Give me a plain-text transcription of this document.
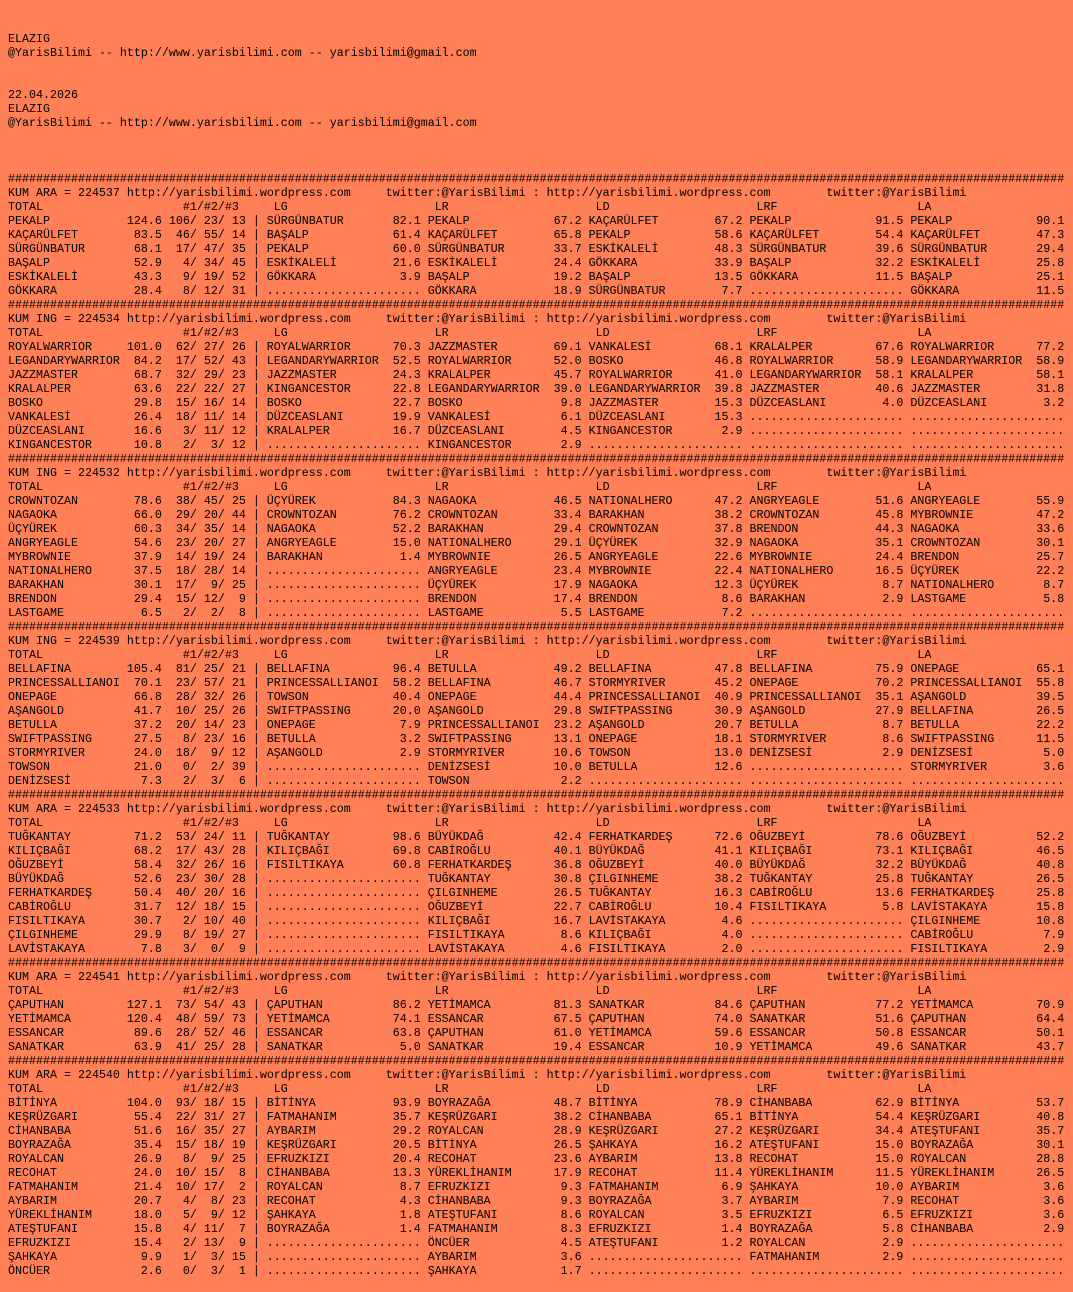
ELAZIG
@YarisBilimi -- http://www.yarisbilimi.com -- yarisbilimi@gmail.com

22.04.2026
ELAZIG
@YarisBilimi -- http://www.yarisbilimi.com -- yarisbilimi@gmail.com

#######################################################################################################################################################
KUM ARA = 224537 http://yarisbilimi.wordpress.com     twitter:@YarisBilimi : http://yarisbilimi.wordpress.com        twitter:@YarisBilimi
TOTAL                    #1/#2/#3     LG                     LR                     LD                     LRF                    LA
PEKALP           124.6 106/ 23/ 13 | SÜRGÜNBATUR       82.1 PEKALP            67.2 KAÇARÜLFET        67.2 PEKALP            91.5 PEKALP            90.1
KAÇARÜLFET        83.5  46/ 55/ 14 | BAŞALP            61.4 KAÇARÜLFET        65.8 PEKALP            58.6 KAÇARÜLFET        54.4 KAÇARÜLFET        47.3
SÜRGÜNBATUR       68.1  17/ 47/ 35 | PEKALP            60.0 SÜRGÜNBATUR       33.7 ESKİKALELİ        48.3 SÜRGÜNBATUR       39.6 SÜRGÜNBATUR       29.4
BAŞALP            52.9   4/ 34/ 45 | ESKİKALELİ        21.6 ESKİKALELİ        24.4 GÖKKARA           33.9 BAŞALP            32.2 ESKİKALELİ        25.8
ESKİKALELİ        43.3   9/ 19/ 52 | GÖKKARA            3.9 BAŞALP            19.2 BAŞALP            13.5 GÖKKARA           11.5 BAŞALP            25.1
GÖKKARA           28.4   8/ 12/ 31 | ...................... GÖKKARA           18.9 SÜRGÜNBATUR        7.7 ...................... GÖKKARA           11.5
#######################################################################################################################################################
KUM ING = 224534 http://yarisbilimi.wordpress.com     twitter:@YarisBilimi : http://yarisbilimi.wordpress.com        twitter:@YarisBilimi
TOTAL                    #1/#2/#3     LG                     LR                     LD                     LRF                    LA
ROYALWARRIOR     101.0  62/ 27/ 26 | ROYALWARRIOR      70.3 JAZZMASTER        69.1 VANKALESİ         68.1 KRALALPER         67.6 ROYALWARRIOR      77.2
LEGANDARYWARRIOR  84.2  17/ 52/ 43 | LEGANDARYWARRIOR  52.5 ROYALWARRIOR      52.0 BOSKO             46.8 ROYALWARRIOR      58.9 LEGANDARYWARRIOR  58.9
JAZZMASTER        68.7  32/ 29/ 23 | JAZZMASTER        24.3 KRALALPER         45.7 ROYALWARRIOR      41.0 LEGANDARYWARRIOR  58.1 KRALALPER         58.1
KRALALPER         63.6  22/ 22/ 27 | KINGANCESTOR      22.8 LEGANDARYWARRIOR  39.0 LEGANDARYWARRIOR  39.8 JAZZMASTER        40.6 JAZZMASTER        31.8
BOSKO             29.8  15/ 16/ 14 | BOSKO             22.7 BOSKO              9.8 JAZZMASTER        15.3 DÜZCEASLANI        4.0 DÜZCEASLANI        3.2
VANKALESİ         26.4  18/ 11/ 14 | DÜZCEASLANI       19.9 VANKALESİ          6.1 DÜZCEASLANI       15.3 ...................... ......................
DÜZCEASLANI       16.6   3/ 11/ 12 | KRALALPER         16.7 DÜZCEASLANI        4.5 KINGANCESTOR       2.9 ...................... ......................
KINGANCESTOR      10.8   2/  3/ 12 | ...................... KINGANCESTOR       2.9 ...................... ...................... ......................
#######################################################################################################################################################
KUM ING = 224532 http://yarisbilimi.wordpress.com     twitter:@YarisBilimi : http://yarisbilimi.wordpress.com        twitter:@YarisBilimi
TOTAL                    #1/#2/#3     LG                     LR                     LD                     LRF                    LA
CROWNTOZAN        78.6  38/ 45/ 25 | ÜÇYÜREK           84.3 NAGAOKA           46.5 NATIONALHERO      47.2 ANGRYEAGLE        51.6 ANGRYEAGLE        55.9
NAGAOKA           66.0  29/ 20/ 44 | CROWNTOZAN        76.2 CROWNTOZAN        33.4 BARAKHAN          38.2 CROWNTOZAN        45.8 MYBROWNIE         47.2
ÜÇYÜREK           60.3  34/ 35/ 14 | NAGAOKA           52.2 BARAKHAN          29.4 CROWNTOZAN        37.8 BRENDON           44.3 NAGAOKA           33.6
ANGRYEAGLE        54.6  23/ 20/ 27 | ANGRYEAGLE        15.0 NATIONALHERO      29.1 ÜÇYÜREK           32.9 NAGAOKA           35.1 CROWNTOZAN        30.1
MYBROWNIE         37.9  14/ 19/ 24 | BARAKHAN           1.4 MYBROWNIE         26.5 ANGRYEAGLE        22.6 MYBROWNIE         24.4 BRENDON           25.7
NATIONALHERO      37.5  18/ 28/ 14 | ...................... ANGRYEAGLE        23.4 MYBROWNIE         22.4 NATIONALHERO      16.5 ÜÇYÜREK           22.2
BARAKHAN          30.1  17/  9/ 25 | ...................... ÜÇYÜREK           17.9 NAGAOKA           12.3 ÜÇYÜREK            8.7 NATIONALHERO       8.7
BRENDON           29.4  15/ 12/  9 | ...................... BRENDON           17.4 BRENDON            8.6 BARAKHAN           2.9 LASTGAME           5.8
LASTGAME           6.5   2/  2/  8 | ...................... LASTGAME           5.5 LASTGAME           7.2 ...................... ......................
#######################################################################################################################################################
KUM ING = 224539 http://yarisbilimi.wordpress.com     twitter:@YarisBilimi : http://yarisbilimi.wordpress.com        twitter:@YarisBilimi
TOTAL                    #1/#2/#3     LG                     LR                     LD                     LRF                    LA
BELLAFINA        105.4  81/ 25/ 21 | BELLAFINA         96.4 BETULLA           49.2 BELLAFINA         47.8 BELLAFINA         75.9 ONEPAGE           65.1
PRINCESSALLIANOI  70.1  23/ 57/ 21 | PRINCESSALLIANOI  58.2 BELLAFINA         46.7 STORMYRIVER       45.2 ONEPAGE           70.2 PRINCESSALLIANOI  55.8
ONEPAGE           66.8  28/ 32/ 26 | TOWSON            40.4 ONEPAGE           44.4 PRINCESSALLIANOI  40.9 PRINCESSALLIANOI  35.1 AŞANGOLD          39.5
AŞANGOLD          41.7  10/ 25/ 26 | SWIFTPASSING      20.0 AŞANGOLD          29.8 SWIFTPASSING      30.9 AŞANGOLD          27.9 BELLAFINA         26.5
BETULLA           37.2  20/ 14/ 23 | ONEPAGE            7.9 PRINCESSALLIANOI  23.2 AŞANGOLD          20.7 BETULLA            8.7 BETULLA           22.2
SWIFTPASSING      27.5   8/ 23/ 16 | BETULLA            3.2 SWIFTPASSING      13.1 ONEPAGE           18.1 STORMYRIVER        8.6 SWIFTPASSING      11.5
STORMYRIVER       24.0  18/  9/ 12 | AŞANGOLD           2.9 STORMYRIVER       10.6 TOWSON            13.0 DENİZSESİ          2.9 DENİZSESİ          5.0
TOWSON            21.0   0/  2/ 39 | ...................... DENİZSESİ         10.0 BETULLA           12.6 ...................... STORMYRIVER        3.6
DENİZSESİ          7.3   2/  3/  6 | ...................... TOWSON             2.2 ...................... ...................... ......................
#######################################################################################################################################################
KUM ARA = 224533 http://yarisbilimi.wordpress.com     twitter:@YarisBilimi : http://yarisbilimi.wordpress.com        twitter:@YarisBilimi
TOTAL                    #1/#2/#3     LG                     LR                     LD                     LRF                    LA
TUĞKANTAY         71.2  53/ 24/ 11 | TUĞKANTAY         98.6 BÜYÜKDAĞ          42.4 FERHATKARDEŞ      72.6 OĞUZBEYİ          78.6 OĞUZBEYİ          52.2
KILIÇBAĞI         68.2  17/ 43/ 28 | KILIÇBAĞI         69.8 CABİROĞLU         40.1 BÜYÜKDAĞ          41.1 KILIÇBAĞI         73.1 KILIÇBAĞI         46.5
OĞUZBEYİ          58.4  32/ 26/ 16 | FISILTIKAYA       60.8 FERHATKARDEŞ      36.8 OĞUZBEYİ          40.0 BÜYÜKDAĞ          32.2 BÜYÜKDAĞ          40.8
BÜYÜKDAĞ          52.6  23/ 30/ 28 | ...................... TUĞKANTAY         30.8 ÇILGINHEME        38.2 TUĞKANTAY         25.8 TUĞKANTAY         26.5
FERHATKARDEŞ      50.4  40/ 20/ 16 | ...................... ÇILGINHEME        26.5 TUĞKANTAY         16.3 CABİROĞLU         13.6 FERHATKARDEŞ      25.8
CABİROĞLU         31.7  12/ 18/ 15 | ...................... OĞUZBEYİ          22.7 CABİROĞLU         10.4 FISILTIKAYA        5.8 LAVİSTAKAYA       15.8
FISILTIKAYA       30.7   2/ 10/ 40 | ...................... KILIÇBAĞI         16.7 LAVİSTAKAYA        4.6 ...................... ÇILGINHEME        10.8
ÇILGINHEME        29.9   8/ 19/ 27 | ...................... FISILTIKAYA        8.6 KILIÇBAĞI          4.0 ...................... CABİROĞLU          7.9
LAVİSTAKAYA        7.8   3/  0/  9 | ...................... LAVİSTAKAYA        4.6 FISILTIKAYA        2.0 ...................... FISILTIKAYA        2.9
#######################################################################################################################################################
KUM ARA = 224541 http://yarisbilimi.wordpress.com     twitter:@YarisBilimi : http://yarisbilimi.wordpress.com        twitter:@YarisBilimi
TOTAL                    #1/#2/#3     LG                     LR                     LD                     LRF                    LA
ÇAPUTHAN         127.1  73/ 54/ 43 | ÇAPUTHAN          86.2 YETİMAMCA         81.3 SANATKAR          84.6 ÇAPUTHAN          77.2 YETİMAMCA         70.9
YETİMAMCA        120.4  48/ 59/ 73 | YETİMAMCA         74.1 ESSANCAR          67.5 ÇAPUTHAN          74.0 SANATKAR          51.6 ÇAPUTHAN          64.4
ESSANCAR          89.6  28/ 52/ 46 | ESSANCAR          63.8 ÇAPUTHAN          61.0 YETİMAMCA         59.6 ESSANCAR          50.8 ESSANCAR          50.1
SANATKAR          63.9  41/ 25/ 28 | SANATKAR           5.0 SANATKAR          19.4 ESSANCAR          10.9 YETİMAMCA         49.6 SANATKAR          43.7
#######################################################################################################################################################
KUM ARA = 224540 http://yarisbilimi.wordpress.com     twitter:@YarisBilimi : http://yarisbilimi.wordpress.com        twitter:@YarisBilimi
TOTAL                    #1/#2/#3     LG                     LR                     LD                     LRF                    LA
BİTİNYA          104.0  93/ 18/ 15 | BİTİNYA           93.9 BOYRAZAĞA         48.7 BİTİNYA           78.9 CİHANBABA         62.9 BİTİNYA           53.7
KEŞRÜZGARI        55.4  22/ 31/ 27 | FATMAHANIM        35.7 KEŞRÜZGARI        38.2 CİHANBABA         65.1 BİTİNYA           54.4 KEŞRÜZGARI        40.8
CİHANBABA         51.6  16/ 35/ 27 | AYBARIM           29.2 ROYALCAN          28.9 KEŞRÜZGARI        27.2 KEŞRÜZGARI        34.4 ATEŞTUFANI        35.7
BOYRAZAĞA         35.4  15/ 18/ 19 | KEŞRÜZGARI        20.5 BİTİNYA           26.5 ŞAHKAYA           16.2 ATEŞTUFANI        15.0 BOYRAZAĞA         30.1
ROYALCAN          26.9   8/  9/ 25 | EFRUZKIZI         20.4 RECOHAT           23.6 AYBARIM           13.8 RECOHAT           15.0 ROYALCAN          28.8
RECOHAT           24.0  10/ 15/  8 | CİHANBABA         13.3 YÜREKLİHANIM      17.9 RECOHAT           11.4 YÜREKLİHANIM      11.5 YÜREKLİHANIM      26.5
FATMAHANIM        21.4  10/ 17/  2 | ROYALCAN           8.7 EFRUZKIZI          9.3 FATMAHANIM         6.9 ŞAHKAYA           10.0 AYBARIM            3.6
AYBARIM           20.7   4/  8/ 23 | RECOHAT            4.3 CİHANBABA          9.3 BOYRAZAĞA          3.7 AYBARIM            7.9 RECOHAT            3.6
YÜREKLİHANIM      18.0   5/  9/ 12 | ŞAHKAYA            1.8 ATEŞTUFANI         8.6 ROYALCAN           3.5 EFRUZKIZI          6.5 EFRUZKIZI          3.6
ATEŞTUFANI        15.8   4/ 11/  7 | BOYRAZAĞA          1.4 FATMAHANIM         8.3 EFRUZKIZI          1.4 BOYRAZAĞA          5.8 CİHANBABA          2.9
EFRUZKIZI         15.4   2/ 13/  9 | ...................... ÖNCÜER             4.5 ATEŞTUFANI         1.2 ROYALCAN           2.9 ......................
ŞAHKAYA            9.9   1/  3/ 15 | ...................... AYBARIM            3.6 ...................... FATMAHANIM         2.9 ......................
ÖNCÜER             2.6   0/  3/  1 | ...................... ŞAHKAYA            1.7 ...................... ...................... ......................
